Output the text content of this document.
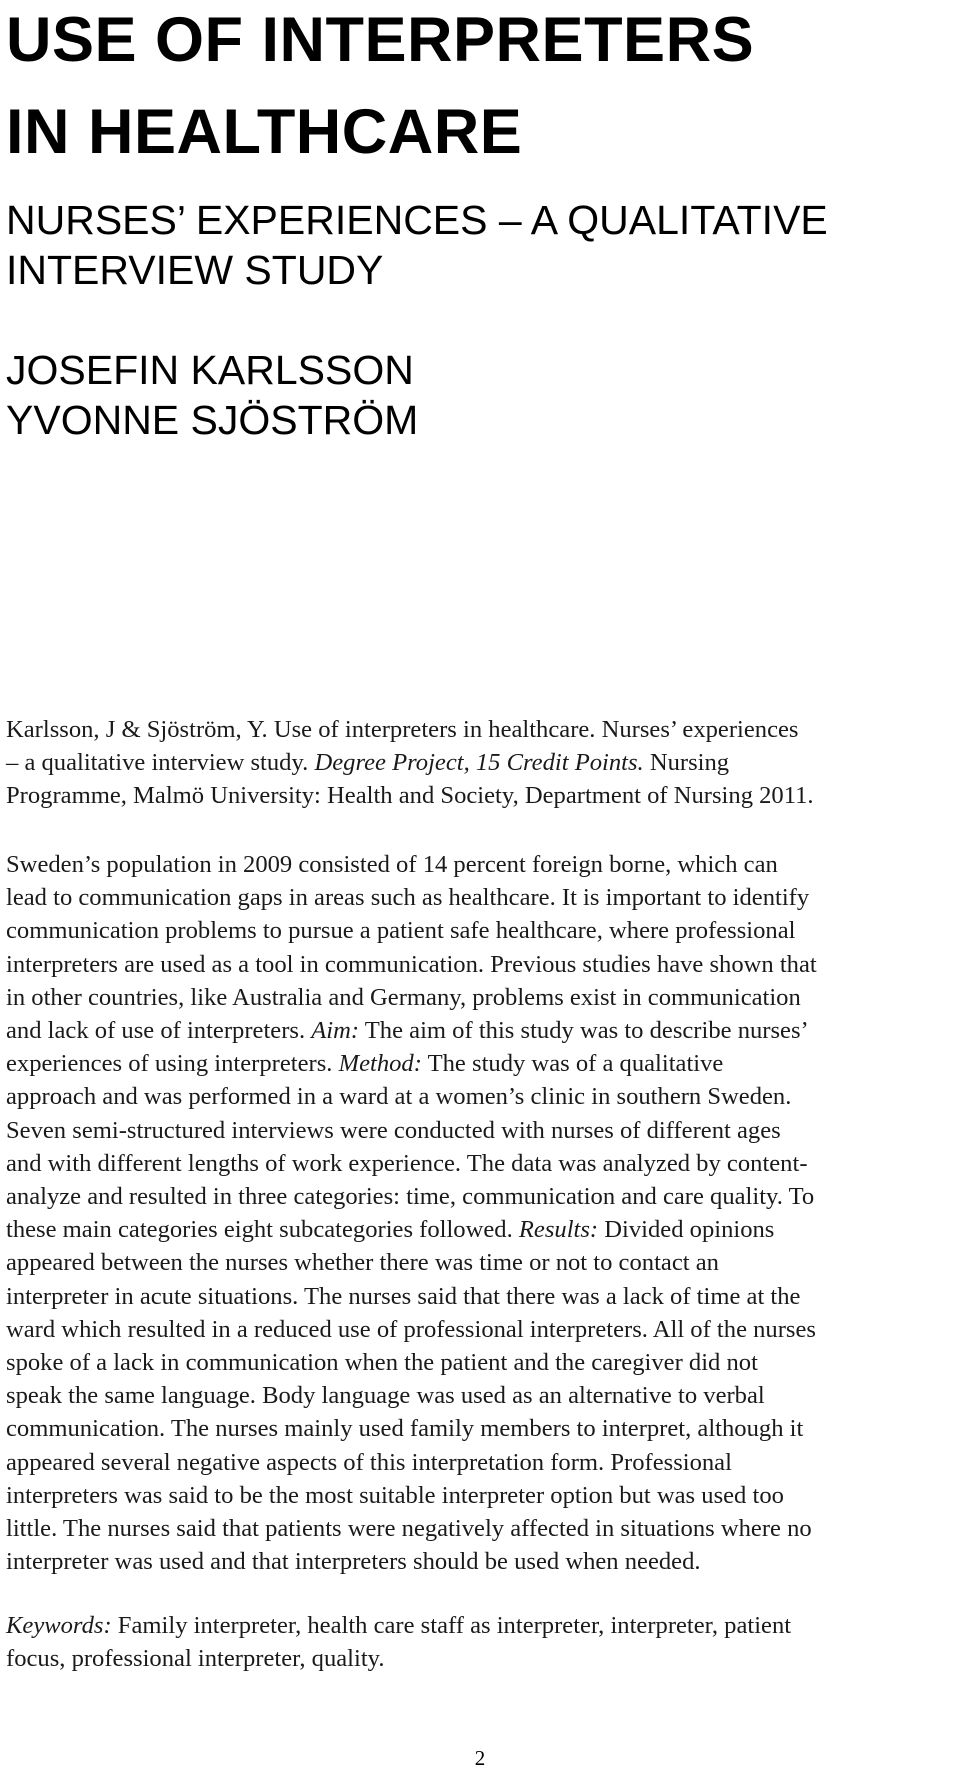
USE OF INTERPRETERS
IN HEALTHCARE
NURSES’ EXPERIENCES – A QUALITATIVE
INTERVIEW STUDY
JOSEFIN KARLSSON
YVONNE SJÖSTRÖM

Karlsson, J & Sjöström, Y. Use of interpreters in healthcare. Nurses’ experiences
– a qualitative interview study. Degree Project, 15 Credit Points. Nursing
Programme, Malmö University: Health and Society, Department of Nursing 2011.

Sweden’s population in 2009 consisted of 14 percent foreign borne, which can
lead to communication gaps in areas such as healthcare. It is important to identify
communication problems to pursue a patient safe healthcare, where professional
interpreters are used as a tool in communication. Previous studies have shown that
in other countries, like Australia and Germany, problems exist in communication
and lack of use of interpreters. Aim: The aim of this study was to describe nurses’
experiences of using interpreters. Method: The study was of a qualitative
approach and was performed in a ward at a women’s clinic in southern Sweden.
Seven semi-structured interviews were conducted with nurses of different ages
and with different lengths of work experience. The data was analyzed by content-
analyze and resulted in three categories: time, communication and care quality. To
these main categories eight subcategories followed. Results: Divided opinions
appeared between the nurses whether there was time or not to contact an
interpreter in acute situations. The nurses said that there was a lack of time at the
ward which resulted in a reduced use of professional interpreters. All of the nurses
spoke of a lack in communication when the patient and the caregiver did not
speak the same language. Body language was used as an alternative to verbal
communication. The nurses mainly used family members to interpret, although it
appeared several negative aspects of this interpretation form. Professional
interpreters was said to be the most suitable interpreter option but was used too
little. The nurses said that patients were negatively affected in situations where no
interpreter was used and that interpreters should be used when needed.

Keywords: Family interpreter, health care staff as interpreter, interpreter, patient
focus, professional interpreter, quality.

2
